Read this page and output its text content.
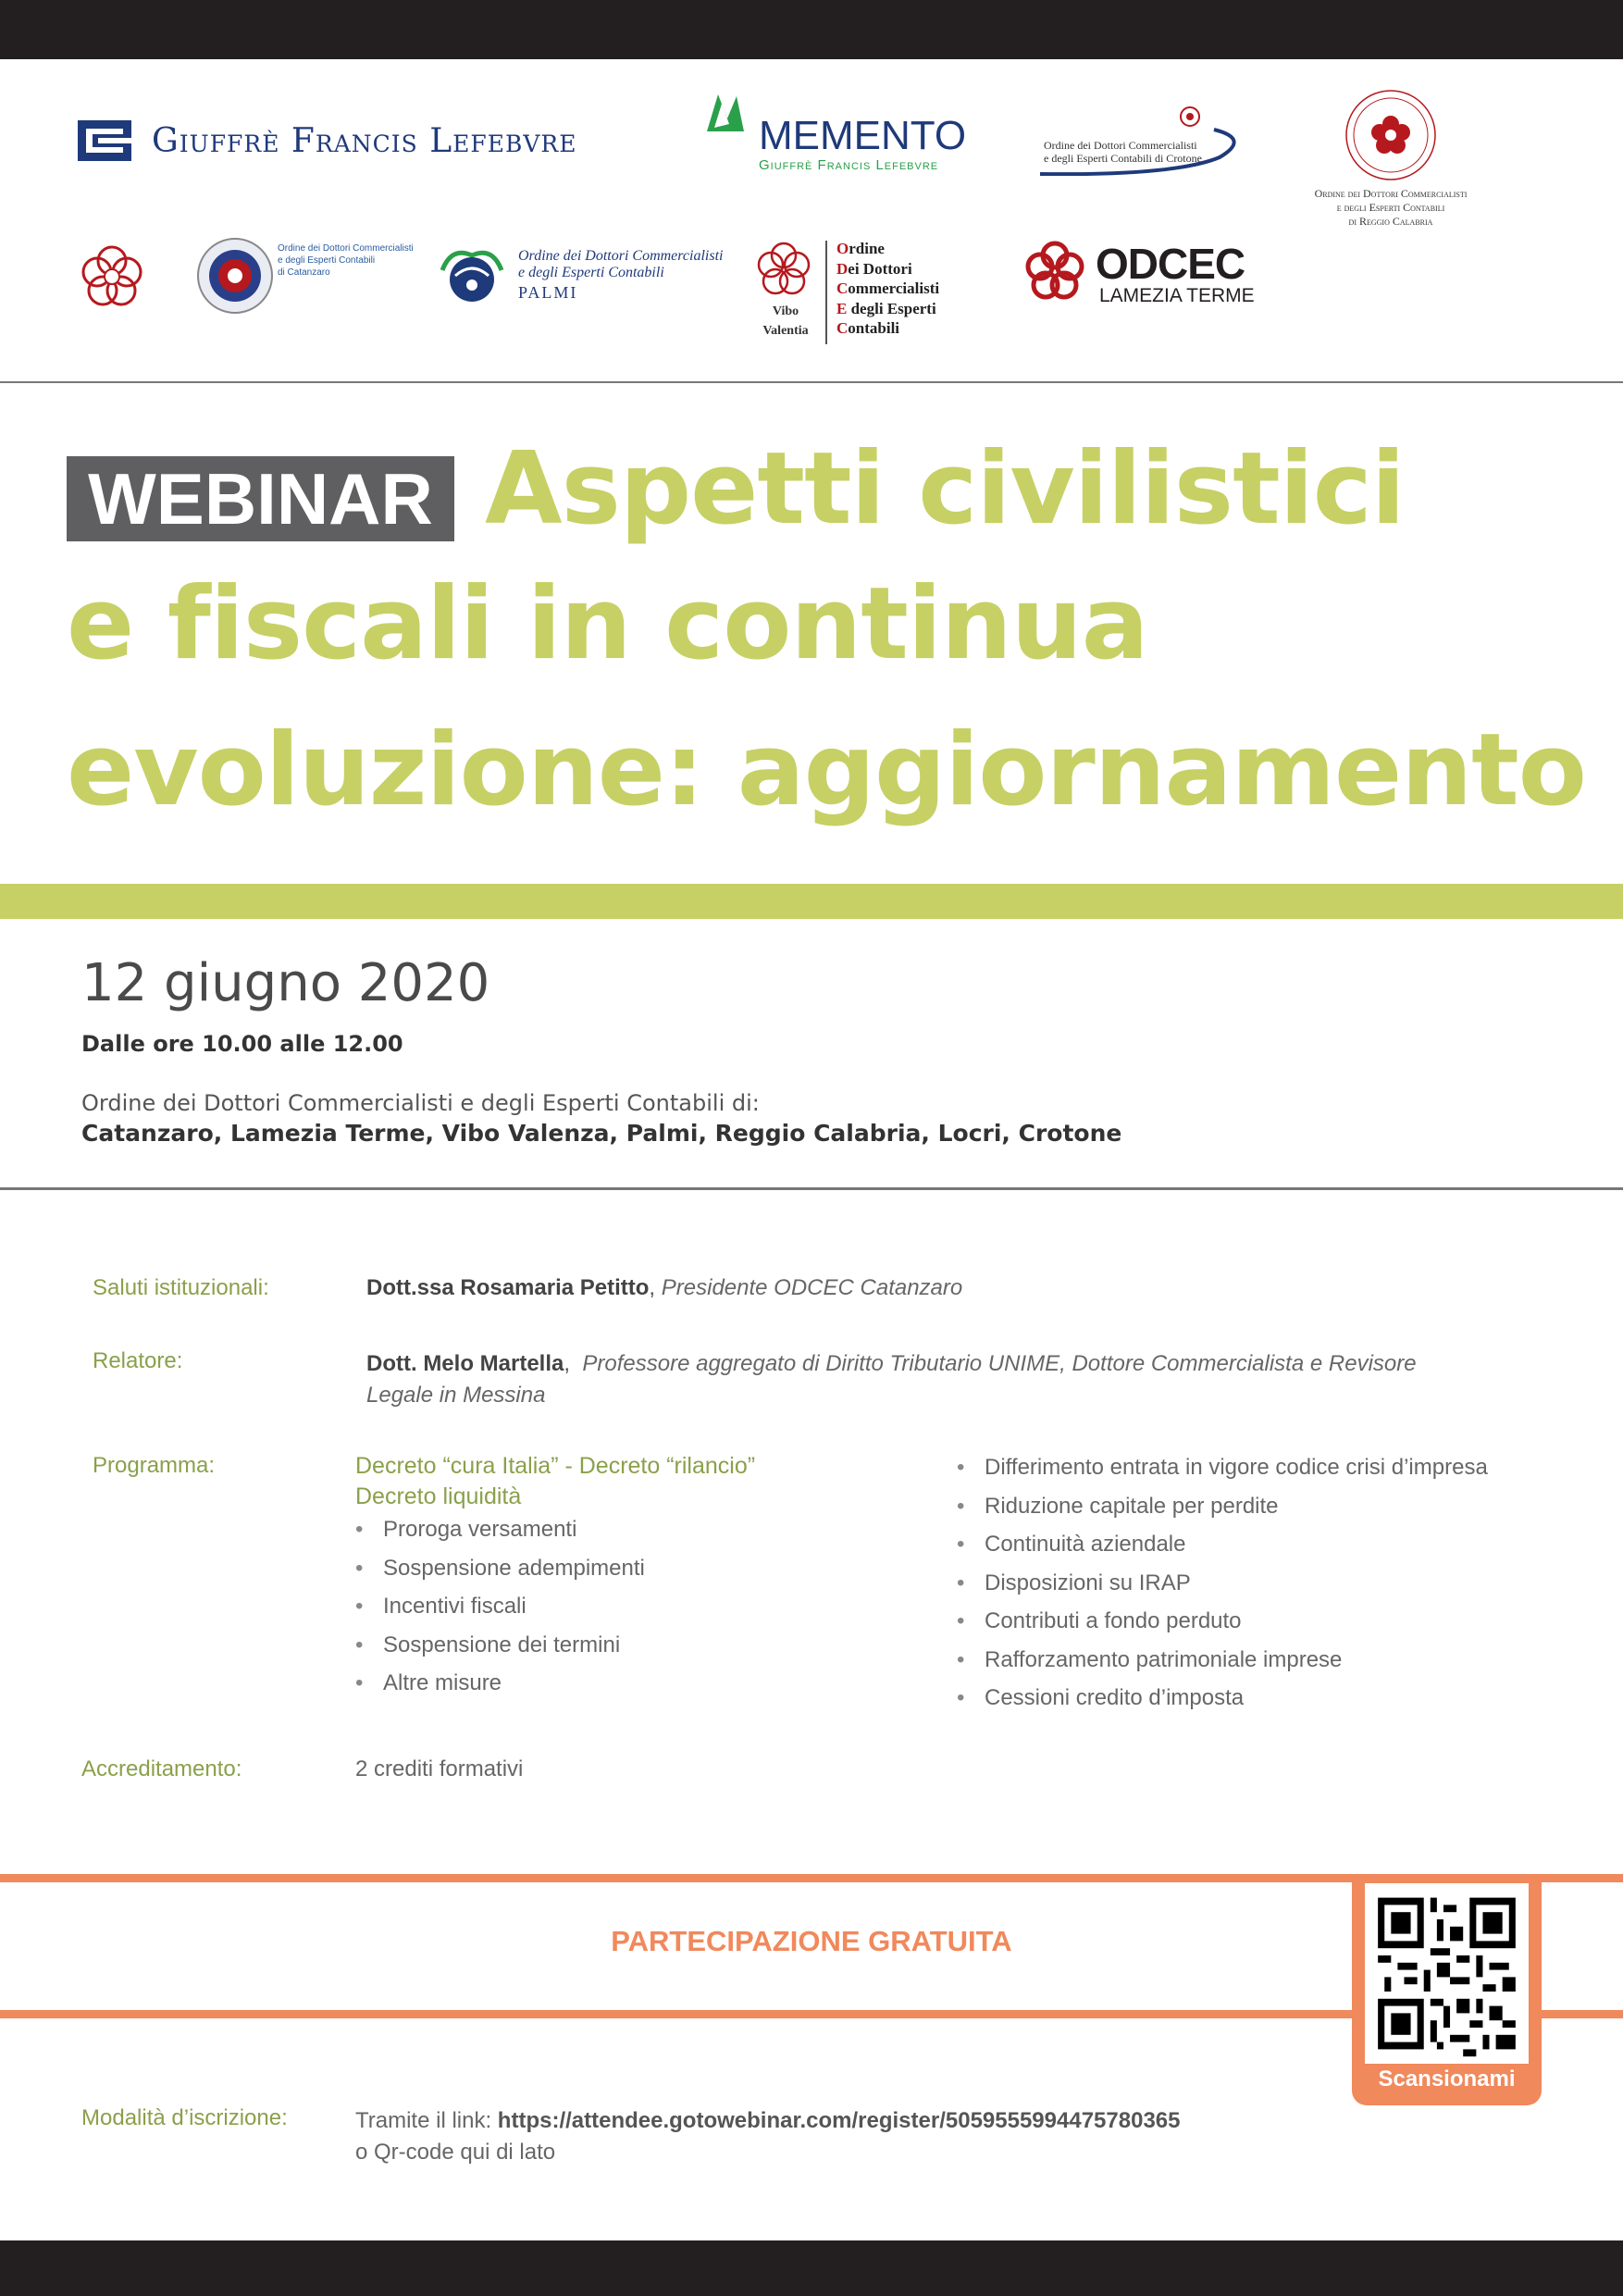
Giuffrè Francis Lefebvre	MEMENTO
Giuffrè Francis Lefebvre
Ordine dei Dottori Commercialisti
e degli Esperti Contabili di Crotone
Ordine dei Dottori Commercialisti
e degli Esperti Contabili
di Reggio Calabria
Ordine dei Dottori Commercialisti
e degli Esperti Contabili
di Catanzaro
Ordine dei Dottori Commercialisti
e degli Esperti Contabili
PALMI
Vibo
Valentia
Ordine
Dei Dottori
Commercialisti
E degli Esperti
Contabili
ODCEC
LAMEZIA TERME
WEBINAR Aspetti civilistici
e fiscali in continua
evoluzione: aggiornamento
12 giugno 2020
Dalle ore 10.00 alle 12.00
Ordine dei Dottori Commercialisti e degli Esperti Contabili di:
Catanzaro, Lamezia Terme, Vibo Valenza, Palmi, Reggio Calabria, Locri, Crotone
Saluti istituzionali:	Dott.ssa Rosamaria Petitto, Presidente ODCEC Catanzaro
Relatore:	Dott. Melo Martella,  Professore aggregato di Diritto Tributario UNIME, Dottore Commercialista e Revisore
Legale in Messina
Programma:	Decreto “cura Italia” - Decreto “rilancio”
Decreto liquidità
• Proroga versamenti
• Sospensione adempimenti
• Incentivi fiscali
• Sospensione dei termini
• Altre misure
• Differimento entrata in vigore codice crisi d’impresa
• Riduzione capitale per perdite
• Continuità aziendale
• Disposizioni su IRAP
• Contributi a fondo perduto
• Rafforzamento patrimoniale imprese
• Cessioni credito d’imposta
Accreditamento:	2 crediti formativi
PARTECIPAZIONE GRATUITA
Scansionami
Modalità d’iscrizione:	Tramite il link: https://attendee.gotowebinar.com/register/5059555994475780365
o Qr-code qui di lato
